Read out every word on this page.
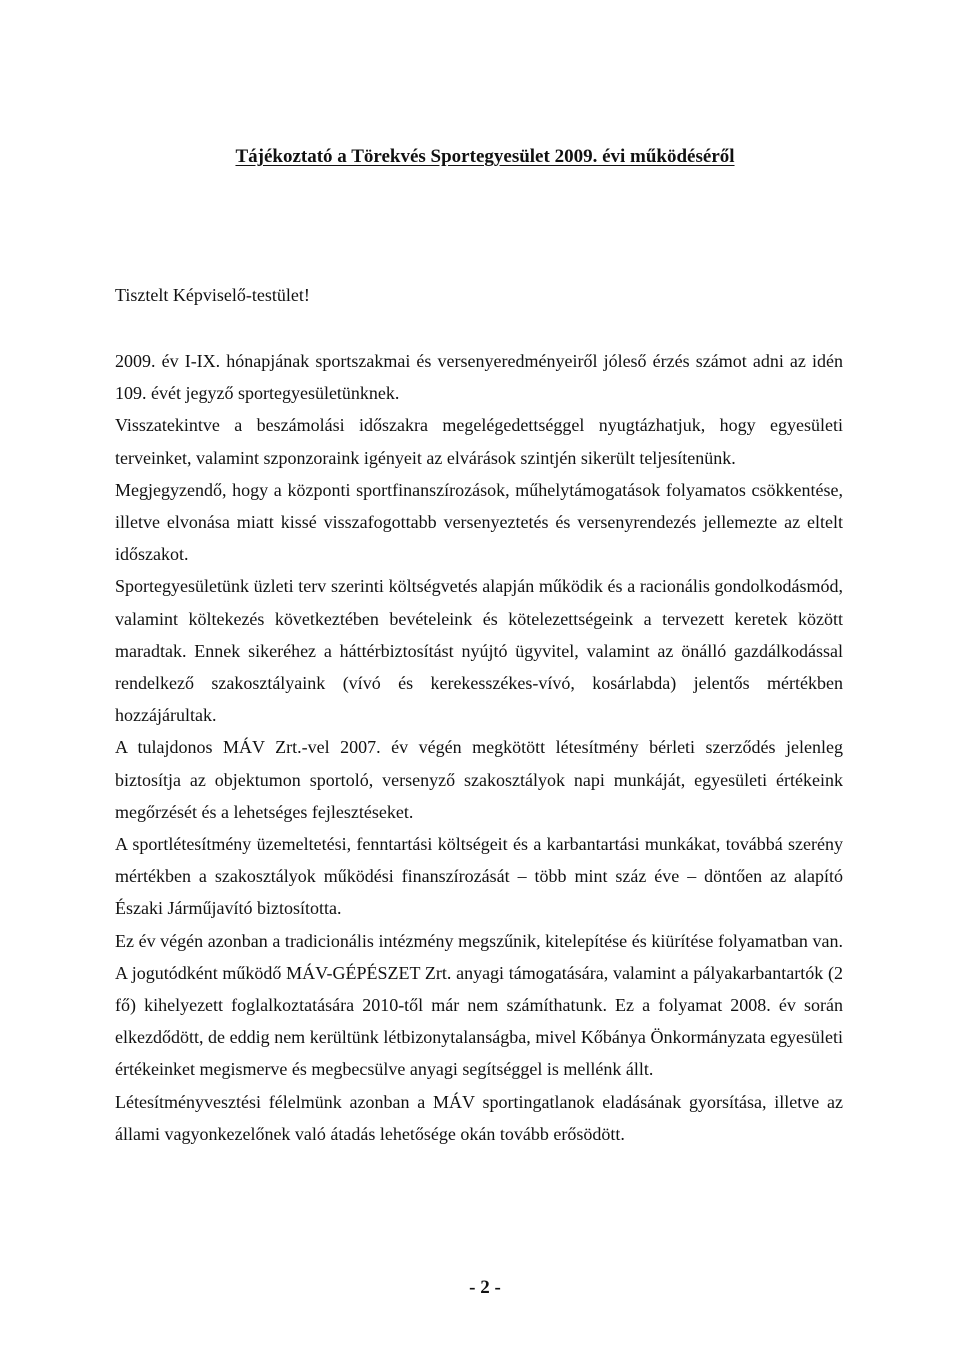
Tájékoztató a Törekvés Sportegyesület 2009. évi működéséről

Tisztelt Képviselő-testület!

2009. év I-IX. hónapjának sportszakmai és versenyeredményeiről jóleső érzés számot adni az idén 109. évét jegyző sportegyesületünknek.

Visszatekintve a beszámolási időszakra megelégedettséggel nyugtázhatjuk, hogy egyesületi terveinket, valamint szponzoraink igényeit az elvárások szintjén sikerült teljesítenünk.

Megjegyzendő, hogy a központi sportfinanszírozások, műhelytámogatások folyamatos csökkentése, illetve elvonása miatt kissé visszafogottabb versenyeztetés és versenyrendezés jellemezte az eltelt időszakot.

Sportegyesületünk üzleti terv szerinti költségvetés alapján működik és a racionális gondolkodásmód, valamint költekezés következtében bevételeink és kötelezettségeink a tervezett keretek között maradtak. Ennek sikeréhez a háttérbiztosítást nyújtó ügyvitel, valamint az önálló gazdálkodással rendelkező szakosztályaink (vívó és kerekesszékes-vívó, kosárlabda) jelentős mértékben hozzájárultak.

A tulajdonos MÁV Zrt.-vel 2007. év végén megkötött létesítmény bérleti szerződés jelenleg biztosítja az objektumon sportoló, versenyző szakosztályok napi munkáját, egyesületi értékeink megőrzését és a lehetséges fejlesztéseket.

A sportlétesítmény üzemeltetési, fenntartási költségeit és a karbantartási munkákat, továbbá szerény mértékben a szakosztályok működési finanszírozását – több mint száz éve – döntően az alapító Északi Járműjavító biztosította.

Ez év végén azonban a tradicionális intézmény megszűnik, kitelepítése és kiürítése folyamatban van. A jogutódként működő MÁV-GÉPÉSZET Zrt. anyagi támogatására, valamint a pályakarbantartók (2 fő) kihelyezett foglalkoztatására 2010-től már nem számíthatunk. Ez a folyamat 2008. év során elkezdődött, de eddig nem kerültünk létbizonytalanságba, mivel Kőbánya Önkormányzata egyesületi értékeinket megismerve és megbecsülve anyagi segítséggel is mellénk állt.

Létesítményvesztési félelmünk azonban a MÁV sportingatlanok eladásának gyorsítása, illetve az állami vagyonkezelőnek való átadás lehetősége okán tovább erősödött.

- 2 -
